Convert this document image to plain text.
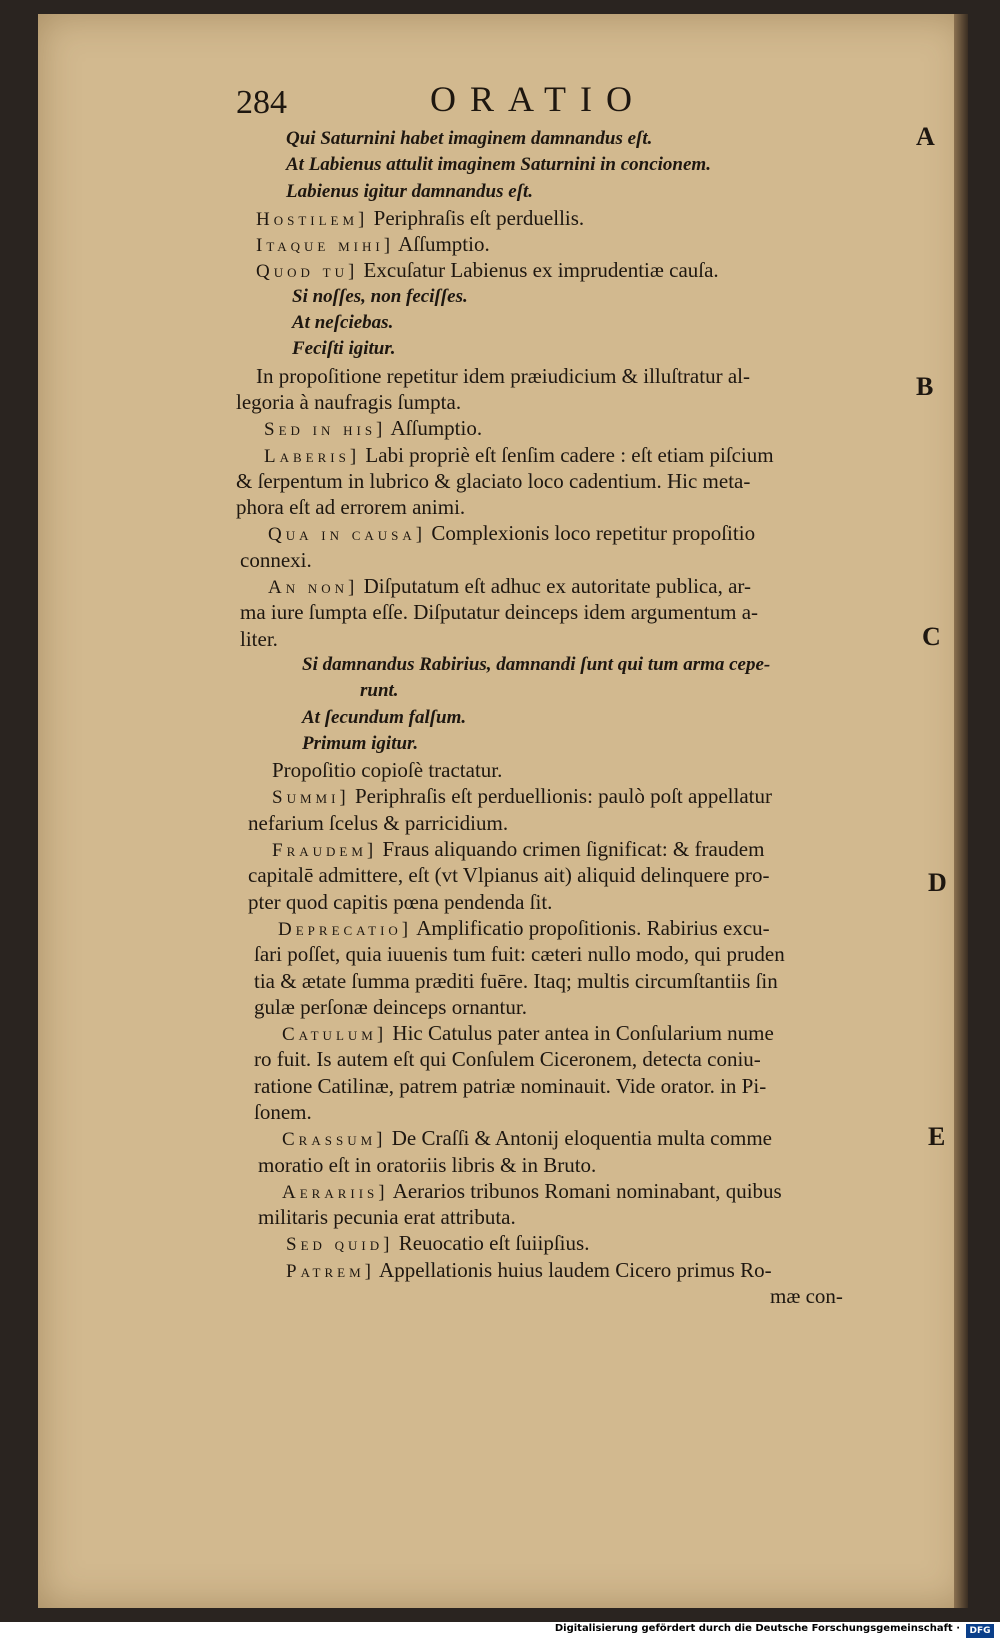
284	ORATIO
Qui Saturnini habet imaginem damnandus eſt.
At Labienus attulit imaginem Saturnini in concionem.
Labienus igitur damnandus eſt.
Hostilem] Periphraſis eſt perduellis.
Itaque mihi] Aſſumptio.
Quod tu] Excuſatur Labienus ex imprudentiæ cauſa.
Si noſſes, non feciſſes.
At neſciebas.
Feciſti igitur.
In propoſitione repetitur idem præiudicium & illuſtratur al-
legoria à naufragis ſumpta.
Sed in his] Aſſumptio.
Laberis] Labi propriè eſt ſenſim cadere : eſt etiam piſcium
& ſerpentum in lubrico & glaciato loco cadentium. Hic meta-
phora eſt ad errorem animi.
Qua in causa] Complexionis loco repetitur propoſitio
connexi.
An non] Diſputatum eſt adhuc ex autoritate publica, ar-
ma iure ſumpta eſſe. Diſputatur deinceps idem argumentum a-
liter.
Si damnandus Rabirius, damnandi ſunt qui tum arma cepe-
runt.
At ſecundum falſum.
Primum igitur.
Propoſitio copioſè tractatur.
Summi] Periphraſis eſt perduellionis: paulò poſt appellatur
nefarium ſcelus & parricidium.
Fraudem] Fraus aliquando crimen ſignificat: & fraudem
capitalē admittere, eſt (vt Vlpianus ait) aliquid delinquere pro-
pter quod capitis pœna pendenda ſit.
Deprecatio] Amplificatio propoſitionis. Rabirius excu-
ſari poſſet, quia iuuenis tum fuit: cæteri nullo modo, qui pruden
tia & ætate ſumma præditi fuēre. Itaq; multis circumſtantiis ſin
gulæ perſonæ deinceps ornantur.
Catulum] Hic Catulus pater antea in Conſularium nume
ro fuit. Is autem eſt qui Conſulem Ciceronem, detecta coniu-
ratione Catilinæ, patrem patriæ nominauit. Vide orator. in Pi-
ſonem.
Crassum] De Craſſi & Antonij eloquentia multa comme
moratio eſt in oratoriis libris & in Bruto.
Aerariis] Aerarios tribunos Romani nominabant, quibus
militaris pecunia erat attributa.
Sed quid] Reuocatio eſt ſuiipſius.
Patrem] Appellationis huius laudem Cicero primus Ro-
mæ con-
A
B
C
D
E
Digitalisierung gefördert durch die Deutsche Forschungsgemeinschaft ·	DFG
